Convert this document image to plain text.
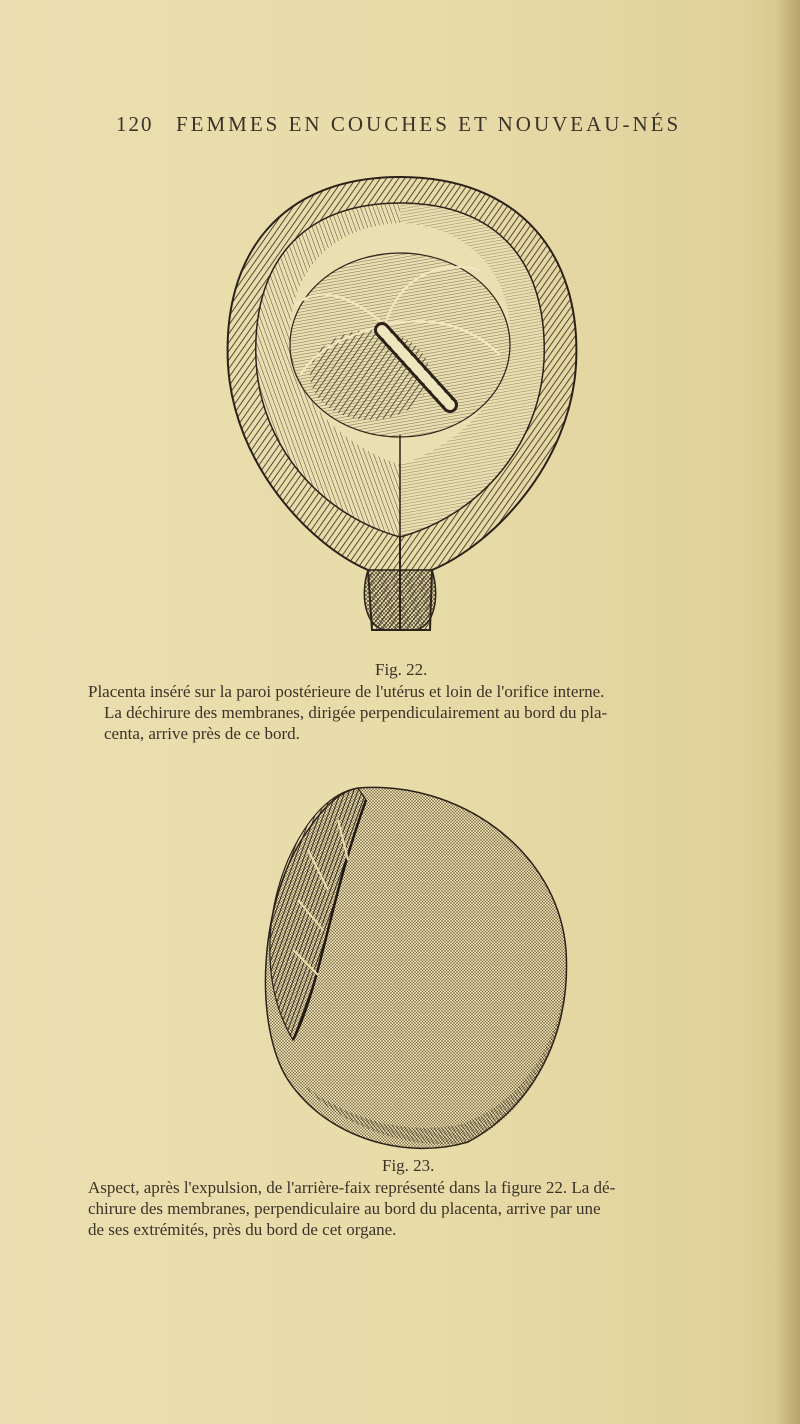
120 FEMMES EN COUCHES ET NOUVEAU-NÉS
Fig. 22.
Placenta inséré sur la paroi postérieure de l'utérus et loin de l'orifice interne.
La déchirure des membranes, dirigée perpendiculairement au bord du pla-
centa, arrive près de ce bord.
Fig. 23.
Aspect, après l'expulsion, de l'arrière-faix représenté dans la figure 22. La dé-
chirure des membranes, perpendiculaire au bord du placenta, arrive par une
de ses extrémités, près du bord de cet organe.
